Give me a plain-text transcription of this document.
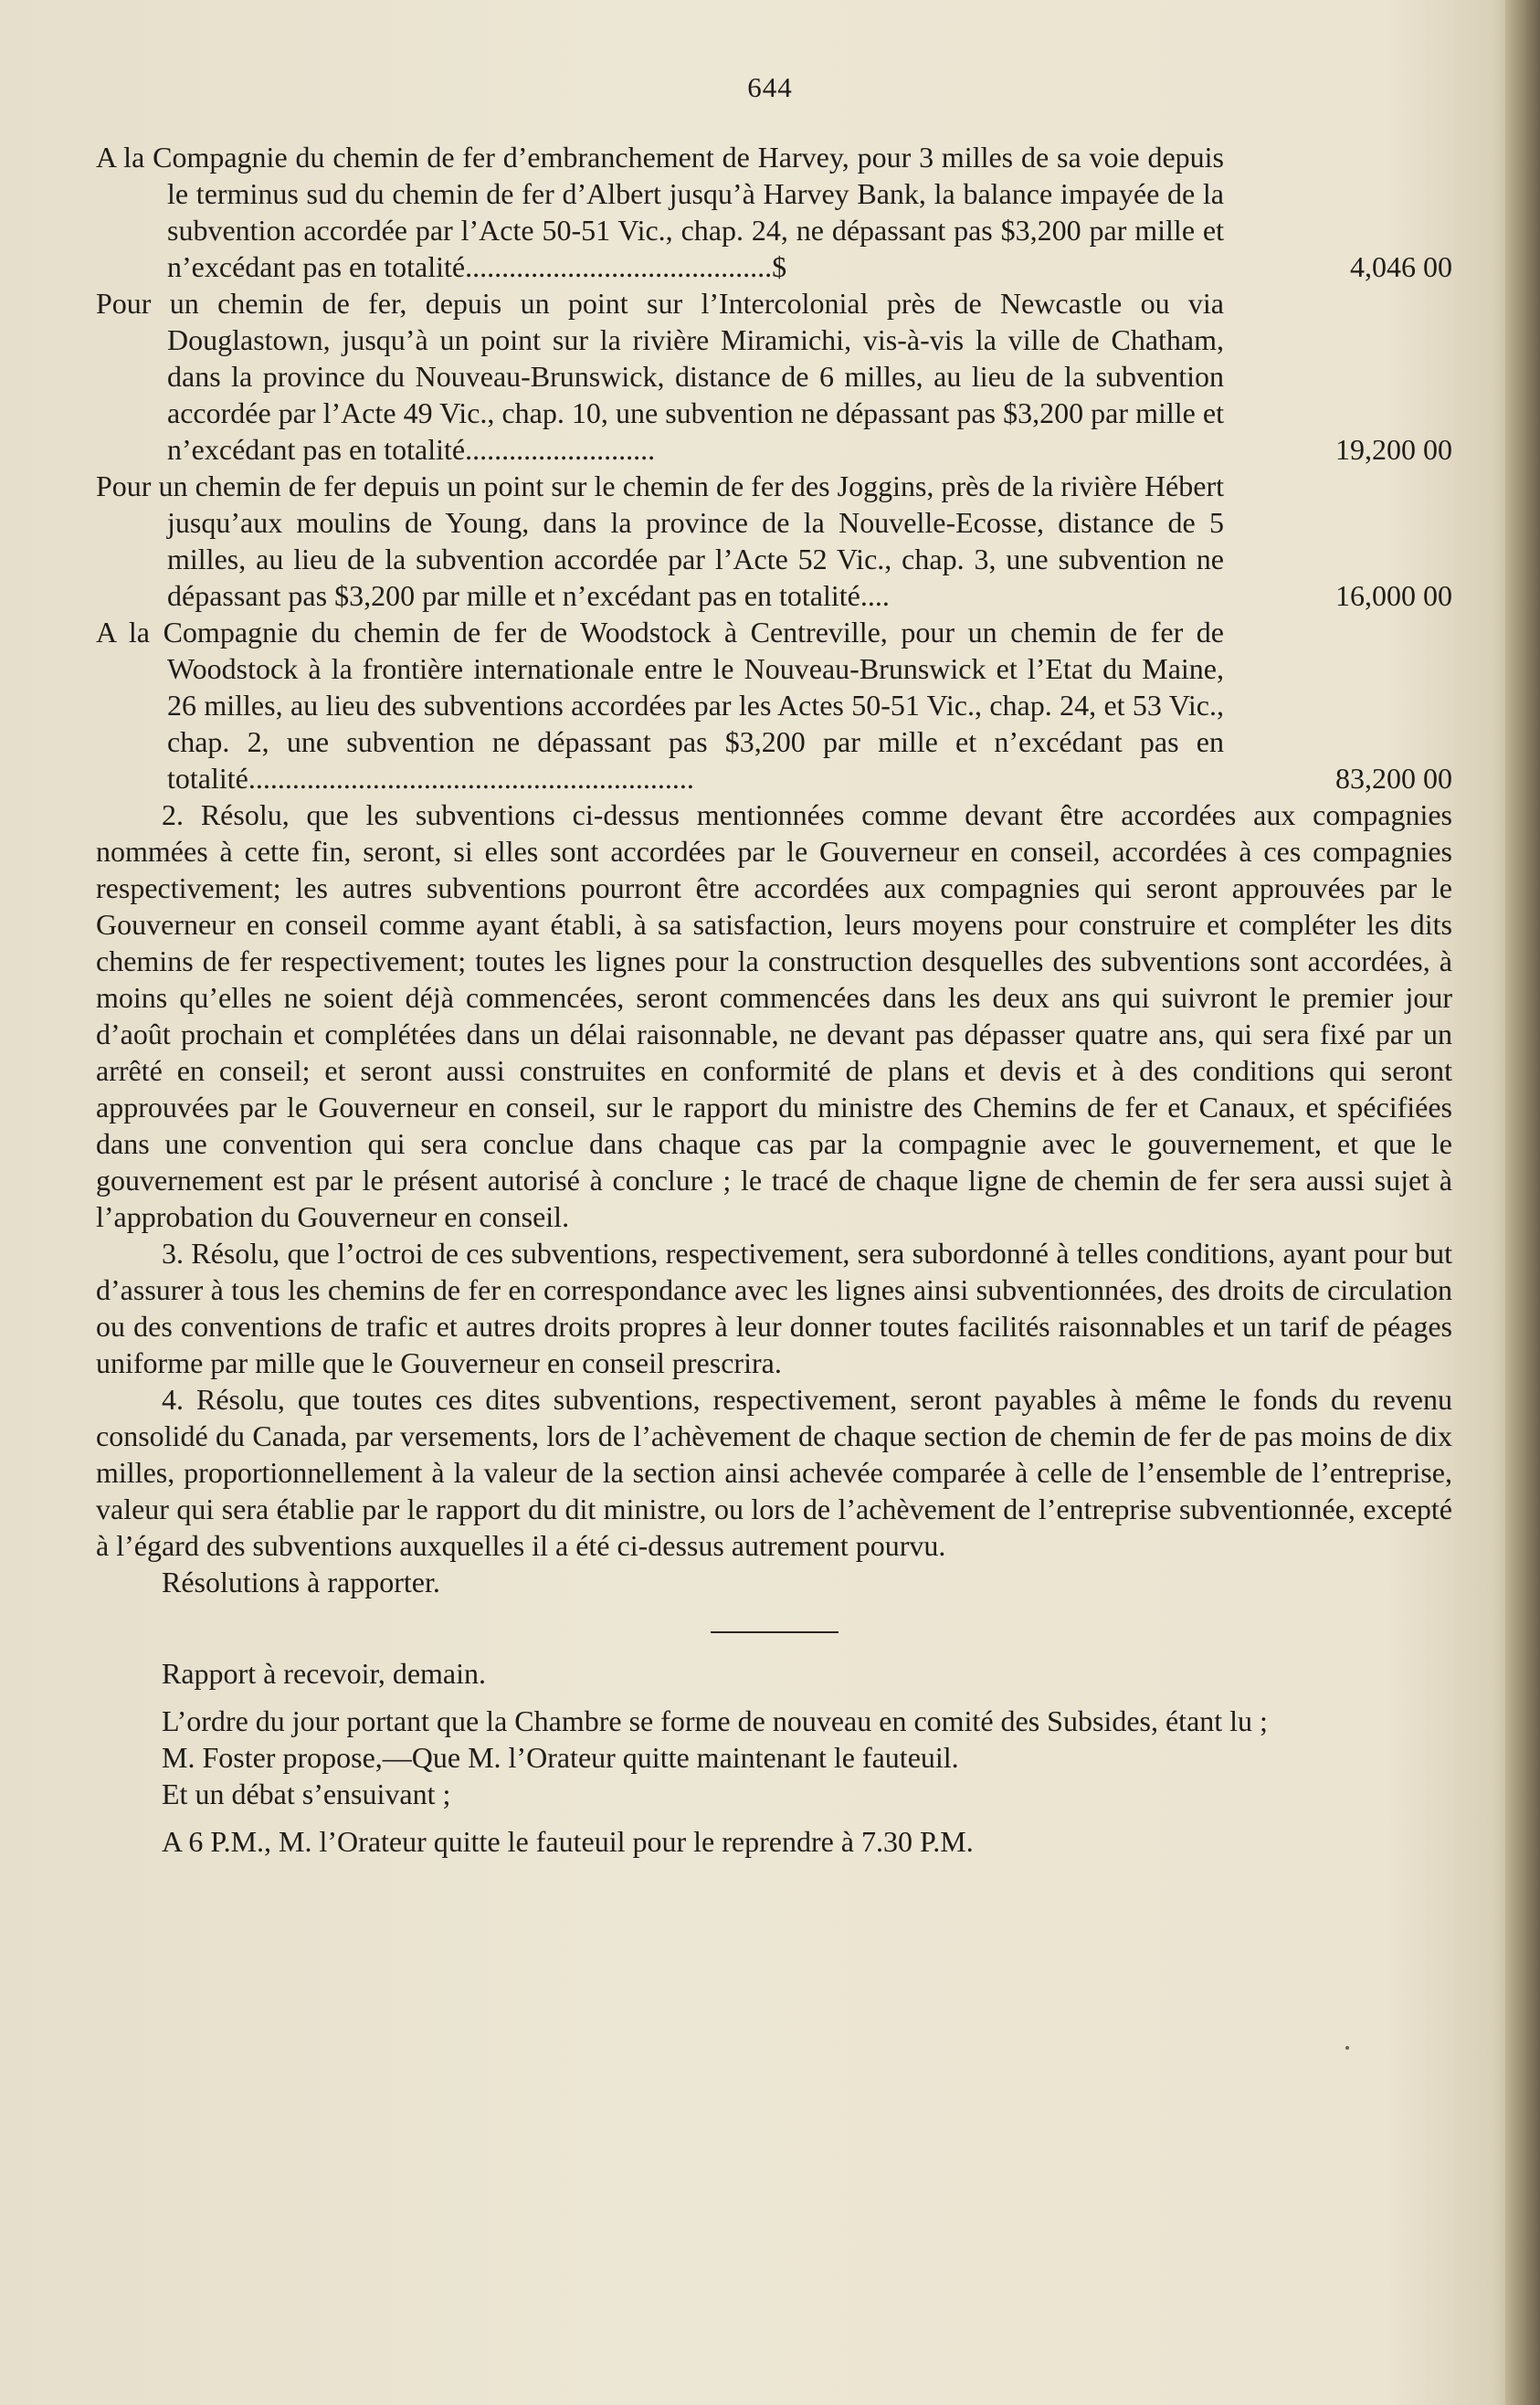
644
A la Compagnie du chemin de fer d’embranchement de Harvey, pour 3 milles de sa voie depuis le terminus sud du chemin de fer d’Albert jusqu’à Harvey Bank, la balance impayée de la subvention accordée par l’Acte 50-51 Vic., chap. 24, ne dépassant pas $3,200 par mille et n’excédant pas en totalité..........................................$	4,046 00
Pour un chemin de fer, depuis un point sur l’Intercolonial près de Newcastle ou via Douglastown, jusqu’à un point sur la rivière Miramichi, vis-à-vis la ville de Chatham, dans la province du Nouveau-Brunswick, distance de 6 milles, au lieu de la subvention accordée par l’Acte 49 Vic., chap. 10, une subvention ne dépassant pas $3,200 par mille et n’excédant pas en totalité..........................	19,200 00
Pour un chemin de fer depuis un point sur le chemin de fer des Joggins, près de la rivière Hébert jusqu’aux moulins de Young, dans la province de la Nouvelle-Ecosse, distance de 5 milles, au lieu de la subvention accordée par l’Acte 52 Vic., chap. 3, une subvention ne dépassant pas $3,200 par mille et n’excédant pas en totalité....	16,000 00
A la Compagnie du chemin de fer de Woodstock à Centreville, pour un chemin de fer de Woodstock à la frontière internationale entre le Nouveau-Brunswick et l’Etat du Maine, 26 milles, au lieu des subventions accordées par les Actes 50-51 Vic., chap. 24, et 53 Vic., chap. 2, une subvention ne dépassant pas $3,200 par mille et n’excédant pas en totalité.............................................................	83,200 00

2. Résolu, que les subventions ci-dessus mentionnées comme devant être accordées aux compagnies nommées à cette fin, seront, si elles sont accordées par le Gouverneur en conseil, accordées à ces compagnies respectivement; les autres subventions pourront être accordées aux compagnies qui seront approuvées par le Gouverneur en conseil comme ayant établi, à sa satisfaction, leurs moyens pour construire et compléter les dits chemins de fer respectivement; toutes les lignes pour la construction desquelles des subventions sont accordées, à moins qu’elles ne soient déjà commencées, seront commencées dans les deux ans qui suivront le premier jour d’août prochain et complétées dans un délai raisonnable, ne devant pas dépasser quatre ans, qui sera fixé par un arrêté en conseil; et seront aussi construites en conformité de plans et devis et à des conditions qui seront approuvées par le Gouverneur en conseil, sur le rapport du ministre des Chemins de fer et Canaux, et spécifiées dans une convention qui sera conclue dans chaque cas par la compagnie avec le gouvernement, et que le gouvernement est par le présent autorisé à conclure ; le tracé de chaque ligne de chemin de fer sera aussi sujet à l’approbation du Gouverneur en conseil.

3. Résolu, que l’octroi de ces subventions, respectivement, sera subordonné à telles conditions, ayant pour but d’assurer à tous les chemins de fer en correspondance avec les lignes ainsi subventionnées, des droits de circulation ou des conventions de trafic et autres droits propres à leur donner toutes facilités raisonnables et un tarif de péages uniforme par mille que le Gouverneur en conseil prescrira.

4. Résolu, que toutes ces dites subventions, respectivement, seront payables à même le fonds du revenu consolidé du Canada, par versements, lors de l’achèvement de chaque section de chemin de fer de pas moins de dix milles, proportionnellement à la valeur de la section ainsi achevée comparée à celle de l’ensemble de l’entreprise, valeur qui sera établie par le rapport du dit ministre, ou lors de l’achèvement de l’entreprise subventionnée, excepté à l’égard des subventions auxquelles il a été ci-dessus autrement pourvu.

Résolutions à rapporter.

Rapport à recevoir, demain.

L’ordre du jour portant que la Chambre se forme de nouveau en comité des Subsides, étant lu ;

M. Foster propose,—Que M. l’Orateur quitte maintenant le fauteuil.

Et un débat s’ensuivant ;

A 6 P.M., M. l’Orateur quitte le fauteuil pour le reprendre à 7.30 P.M.
